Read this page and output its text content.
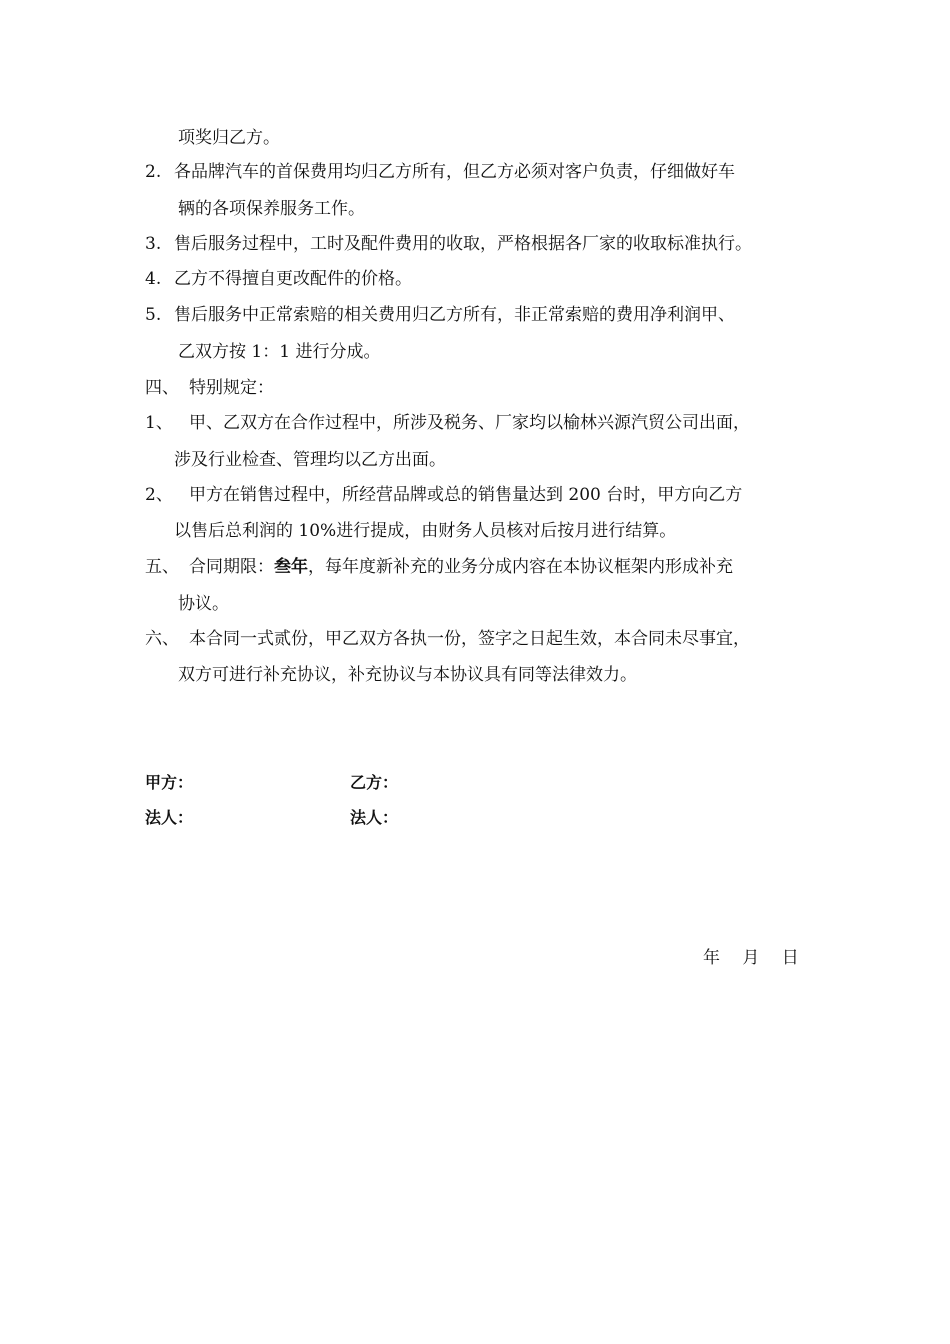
项奖归乙方。
2. 各品牌汽车的首保费用均归乙方所有，但乙方必须对客户负责，仔细做好车
辆的各项保养服务工作。
3. 售后服务过程中，工时及配件费用的收取，严格根据各厂家的收取标准执行。
4. 乙方不得擅自更改配件的价格。
5. 售后服务中正常索赔的相关费用归乙方所有，非正常索赔的费用净利润甲、
乙双方按 1：1 进行分成。
四、 特别规定：
1、 甲、乙双方在合作过程中，所涉及税务、厂家均以榆林兴源汽贸公司出面，
涉及行业检查、管理均以乙方出面。
2、 甲方在销售过程中，所经营品牌或总的销售量达到 200 台时，甲方向乙方
以售后总利润的 10%进行提成，由财务人员核对后按月进行结算。
五、 合同期限：叁年，每年度新补充的业务分成内容在本协议框架内形成补充
协议。
六、 本合同一式贰份，甲乙双方各执一份，签字之日起生效，本合同未尽事宜，
双方可进行补充协议，补充协议与本协议具有同等法律效力。
甲方：	乙方：
法人：	法人：
年　 月　 日
